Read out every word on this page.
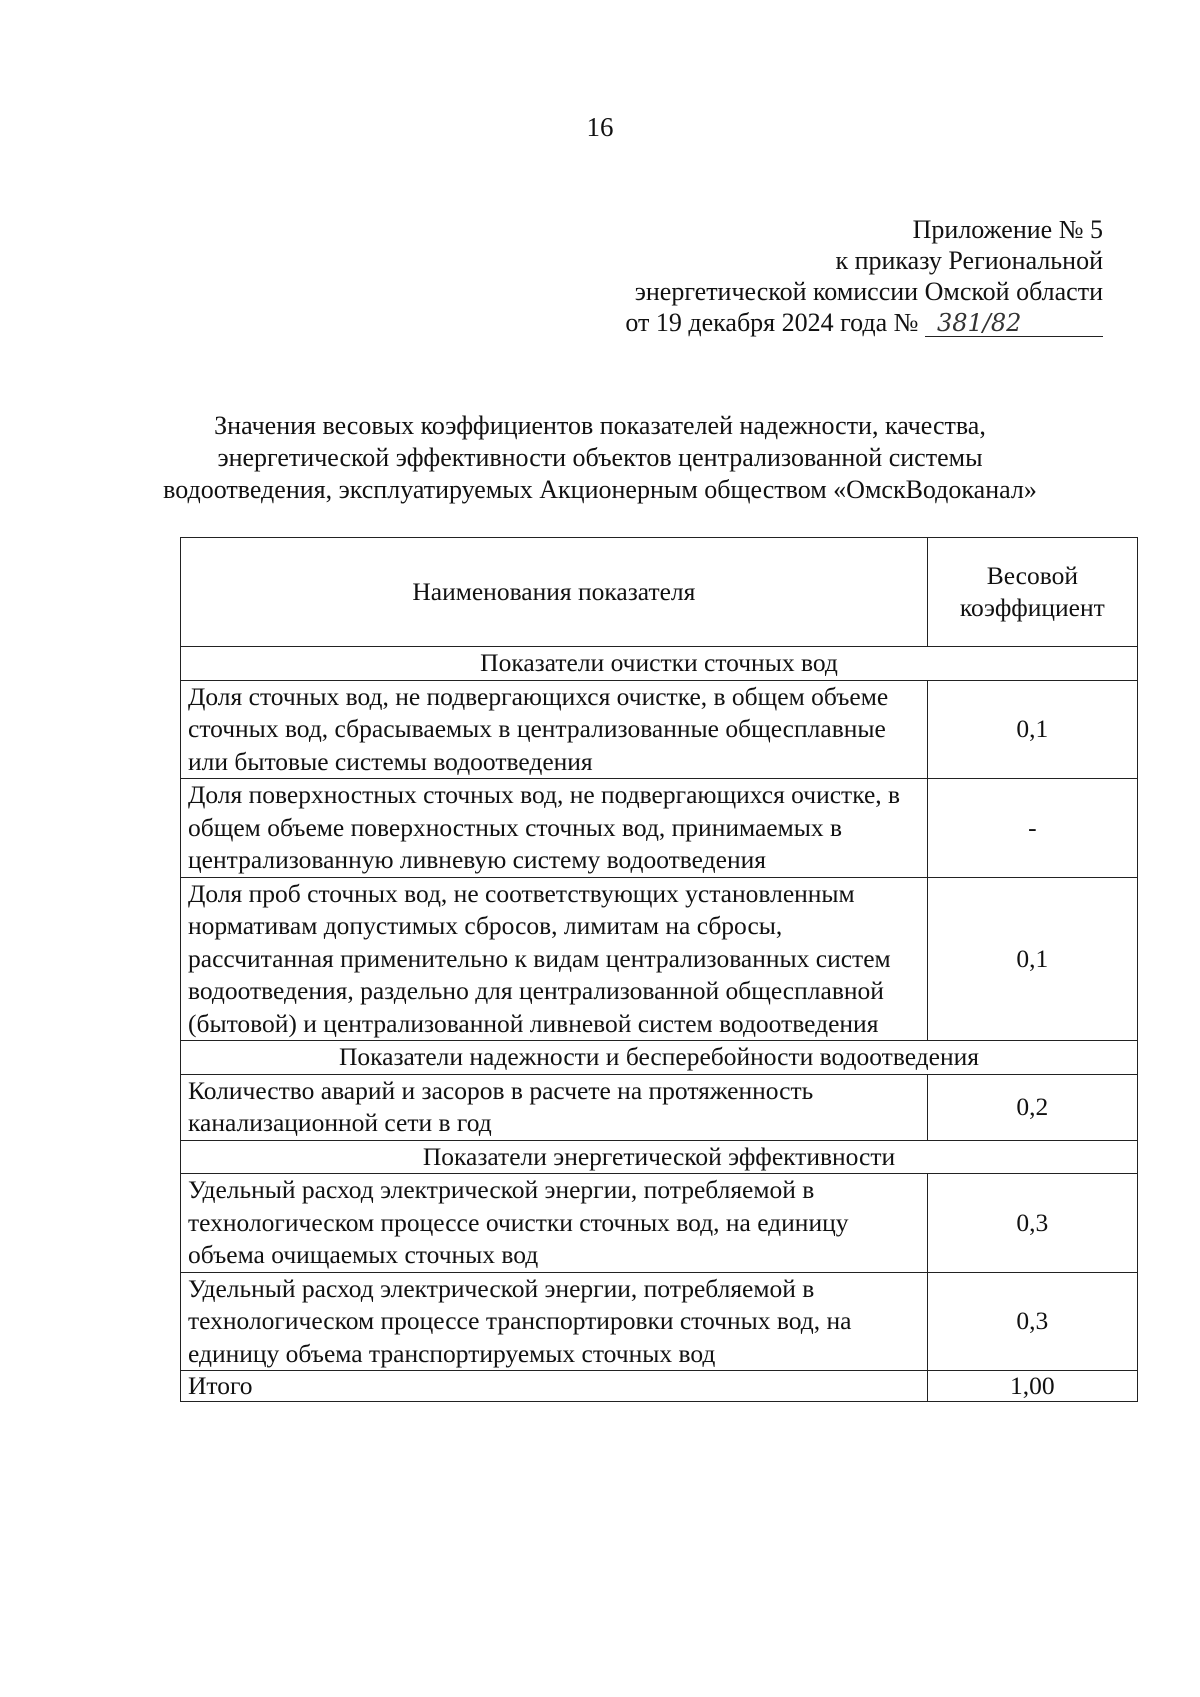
16
Приложение № 5
к приказу Региональной
энергетической комиссии Омской области
от 19 декабря 2024 года № 381/82
Значения весовых коэффициентов показателей надежности, качества,
энергетической эффективности объектов централизованной системы
водоотведения, эксплуатируемых Акционерным обществом «ОмскВодоканал»
Наименования показателя	Весовой коэффициент
Показатели очистки сточных вод	
Доля сточных вод, не подвергающихся очистке, в общем объеме сточных вод, сбрасываемых в централизованные общесплавные или бытовые системы водоотведения	0,1
Доля поверхностных сточных вод, не подвергающихся очистке, в общем объеме поверхностных сточных вод, принимаемых в централизованную ливневую систему водоотведения	-
Доля проб сточных вод, не соответствующих установленным нормативам допустимых сбросов, лимитам на сбросы, рассчитанная применительно к видам централизованных систем водоотведения, раздельно для централизованной общесплавной (бытовой) и централизованной ливневой систем водоотведения	0,1
Показатели надежности и бесперебойности водоотведения	
Количество аварий и засоров в расчете на протяженность канализационной сети в год	0,2
Показатели энергетической эффективности	
Удельный расход электрической энергии, потребляемой в технологическом процессе очистки сточных вод, на единицу объема очищаемых сточных вод	0,3
Удельный расход электрической энергии, потребляемой в технологическом процессе транспортировки сточных вод, на единицу объема транспортируемых сточных вод	0,3
Итого	1,00
